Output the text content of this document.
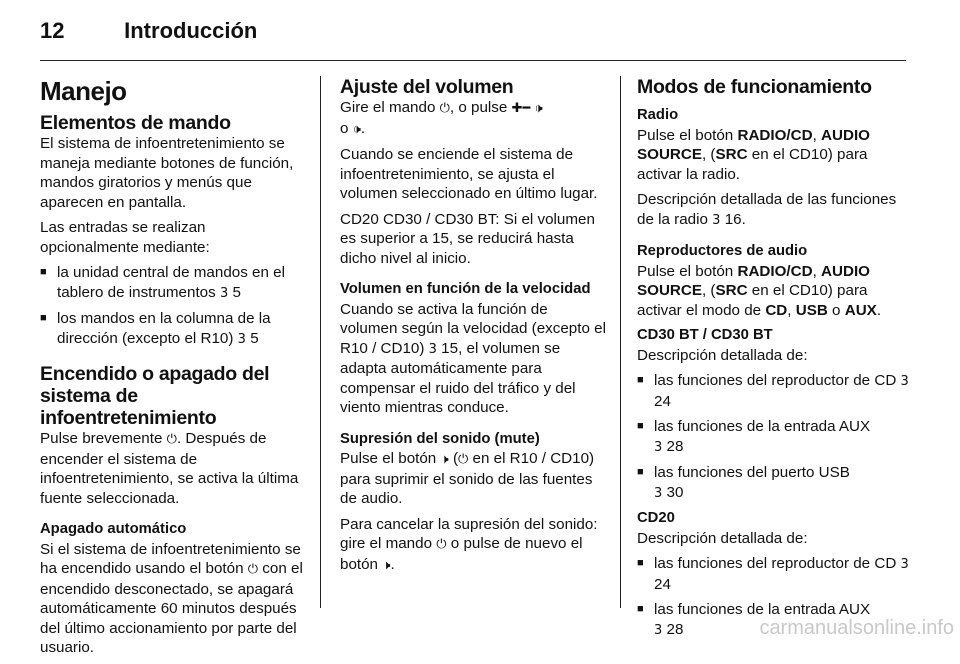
12	Introducción
Manejo
Elementos de mando

El sistema de infoentretenimiento se maneja mediante botones de función, mandos giratorios y menús que aparecen en pantalla.

Las entradas se realizan opcionalmente mediante:

■ la unidad central de mandos en el tablero de instrumentos 3 5
■ los mandos en la columna de la dirección (excepto el R10) 3 5
Encendido o apagado del sistema de infoentretenimiento

Pulse brevemente ⏻. Después de encender el sistema de infoentretenimiento, se activa la última fuente seleccionada.

Apagado automático

Si el sistema de infoentretenimiento se ha encendido usando el botón ⏻ con el encendido desconectado, se apagará automáticamente 60 minutos después del último accionamiento por parte del usuario.

Ajuste del volumen

Gire el mando ⏻, o pulse ✚━ 🕩
o 🕩.

Cuando se enciende el sistema de infoentretenimiento, se ajusta el volumen seleccionado en último lugar.

CD20 CD30 / CD30 BT: Si el volumen es superior a 15, se reducirá hasta dicho nivel al inicio.

Volumen en función de la velocidad

Cuando se activa la función de volumen según la velocidad (excepto el R10 / CD10) 3 15, el volumen se adapta automáticamente para compensar el ruido del tráfico y del viento mientras conduce.

Supresión del sonido (mute)

Pulse el botón 🕨 (⏻ en el R10 / CD10) para suprimir el sonido de las fuentes de audio.

Para cancelar la supresión del sonido: gire el mando ⏻ o pulse de nuevo el botón 🕨.

Modos de funcionamiento
Radio

Pulse el botón RADIO/CD, AUDIO SOURCE, (SRC en el CD10) para activar la radio.

Descripción detallada de las funciones de la radio 3 16.

Reproductores de audio

Pulse el botón RADIO/CD, AUDIO SOURCE, (SRC en el CD10) para activar el modo de CD, USB o AUX.

CD30 BT / CD30 BT

Descripción detallada de:

■ las funciones del reproductor de CD 3 24
■ las funciones de la entrada AUX
3 28
■ las funciones del puerto USB
3 30
CD20

Descripción detallada de:

■ las funciones del reproductor de CD 3 24
■ las funciones de la entrada AUX
3 28	carmanualsonline.info
